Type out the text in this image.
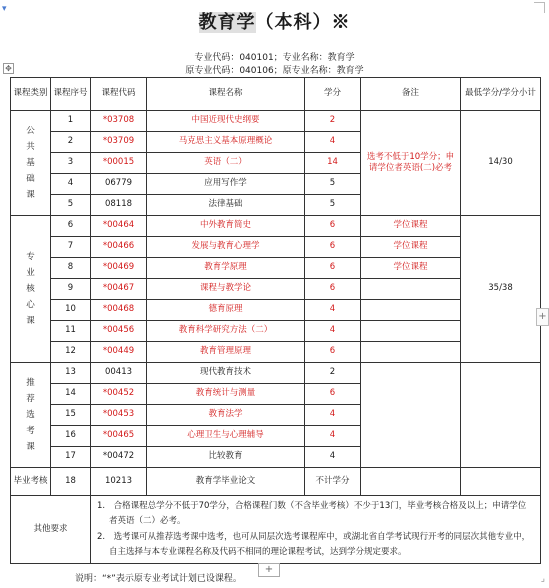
▾
教育学（本科）※
专业代码：040101；专业名称：教育学
原专业代码：040106；原专业名称：教育学
✥
课程类别	课程序号	课程代码	课程名称	学分	备注	最低学分/学分小计
公共基础课	1	*03708	中国近现代史纲要	2	选考不低于10学分；申请学位者英语(二)必考	14/30
	2	*03709	马克思主义基本原理概论	4		
	3	*00015	英语（二）	14		
	4	06779	应用写作学	5		
	5	08118	法律基础	5		
专业核心课	6	*00464	中外教育简史	6	学位课程	35/38
	7	*00466	发展与教育心理学	6	学位课程	
	8	*00469	教育学原理	6	学位课程	
	9	*00467	课程与教学论	6		
	10	*00468	德育原理	4		
	11	*00456	教育科学研究方法（二）	4		
	12	*00449	教育管理原理	6		
推荐选考课	13	00413	现代教育技术	2		
	14	*00452	教育统计与测量	6		
	15	*00453	教育法学	4		
	16	*00465	心理卫生与心理辅导	4		
	17	*00472	比较教育	4		
毕业考核	18	10213	教育学毕业论文	不计学分		
其他要求		1.　合格课程总学分不低于70学分，合格课程门数（不含毕业考核）不少于13门，毕业考核合格及以上；申请学位者英语（二）必考。
2.　选考课可从推荐选考课中选考，也可从同层次选考课程库中，或湖北省自学考试现行开考的同层次其他专业中，自主选择与本专业课程名称及代码不相同的理论课程考试，达到学分规定要求。				
+
说明：“*”表示原专业考试计划已设课程。
+
⌟
